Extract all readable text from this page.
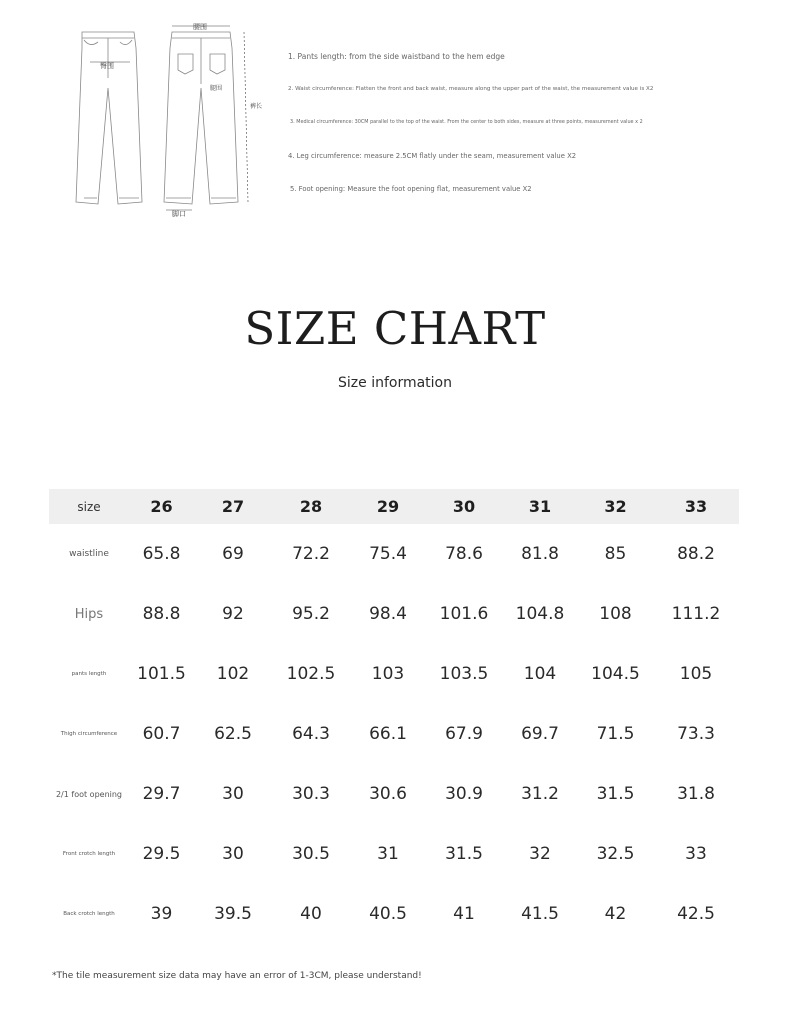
腰围
臀围
腿围
裤长
脚口
1. Pants length: from the side waistband to the hem edge
2. Waist circumference: Flatten the front and back waist, measure along the upper part of the waist, the measurement value is X2
3. Medical circumference: 30CM parallel to the top of the waist. From the center to both sides, measure at three points, measurement value x 2
4. Leg circumference: measure 2.5CM flatly under the seam, measurement value X2
5. Foot opening: Measure the foot opening flat, measurement value X2
SIZE CHART
Size information
size	26	27	28	29	30	31	32	33
waistline	65.8	69	72.2	75.4	78.6	81.8	85	88.2
Hips	88.8	92	95.2	98.4	101.6	104.8	108	111.2
pants length	101.5	102	102.5	103	103.5	104	104.5	105
Thigh circumference	60.7	62.5	64.3	66.1	67.9	69.7	71.5	73.3
2/1 foot opening	29.7	30	30.3	30.6	30.9	31.2	31.5	31.8
Front crotch length	29.5	30	30.5	31	31.5	32	32.5	33
Back crotch length	39	39.5	40	40.5	41	41.5	42	42.5
*The tile measurement size data may have an error of 1-3CM, please understand!
